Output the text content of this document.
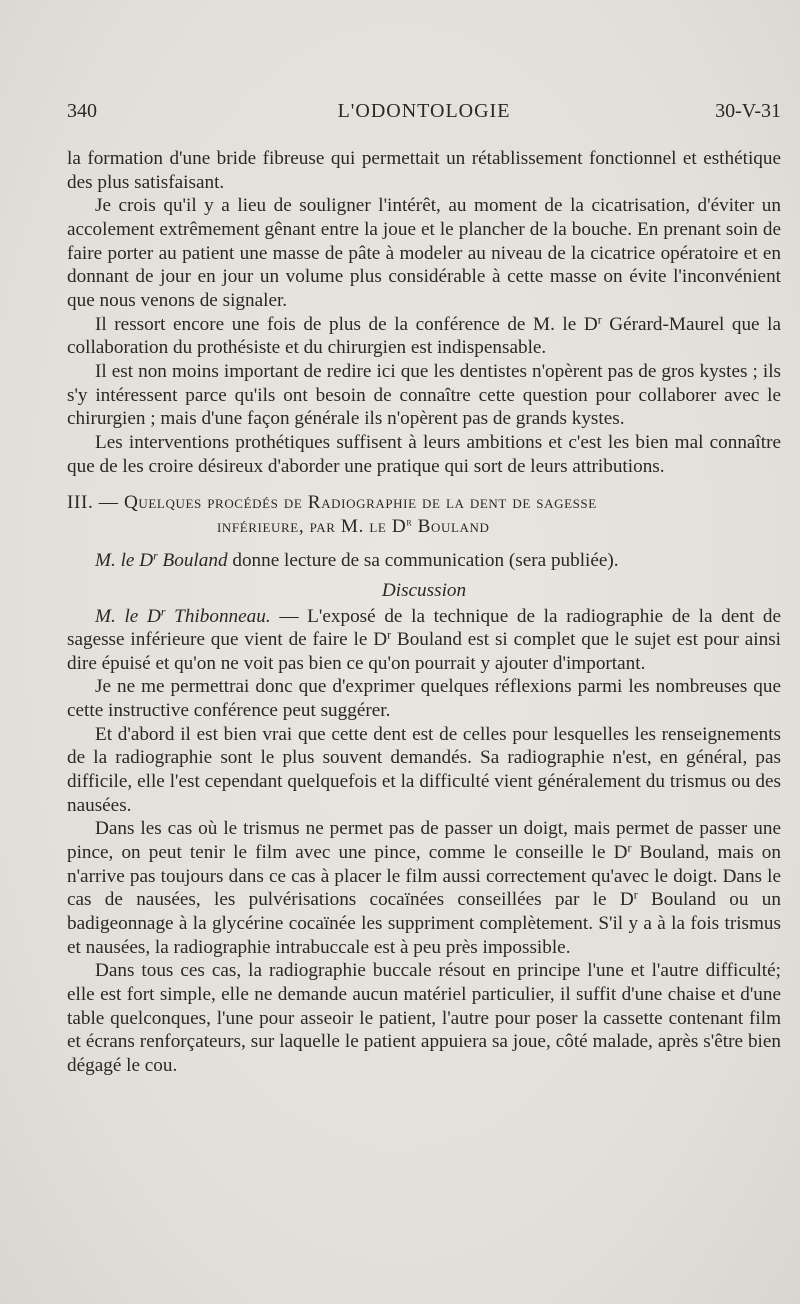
340	L'ODONTOLOGIE	30-V-31

la formation d'une bride fibreuse qui permettait un rétablissement fonctionnel et esthétique des plus satisfaisant.

Je crois qu'il y a lieu de souligner l'intérêt, au moment de la cicatrisation, d'éviter un accolement extrêmement gênant entre la joue et le plancher de la bouche. En prenant soin de faire porter au patient une masse de pâte à modeler au niveau de la cicatrice opératoire et en donnant de jour en jour un volume plus considérable à cette masse on évite l'inconvénient que nous venons de signaler.

Il ressort encore une fois de plus de la conférence de M. le $D^r$ Gérard-Maurel que la collaboration du prothésiste et du chirurgien est indispensable.

Il est non moins important de redire ici que les dentistes n'opèrent pas de gros kystes ; ils s'y intéressent parce qu'ils ont besoin de connaître cette question pour collaborer avec le chirurgien ; mais d'une façon générale ils n'opèrent pas de grands kystes.

Les interventions prothétiques suffisent à leurs ambitions et c'est les bien mal connaître que de les croire désireux d'aborder une pratique qui sort de leurs attributions.

III. — Quelques procédés de Radiographie de la dent de sagesse
inférieure, par M. le $D^r$ Bouland

M. le $D^r$ Bouland donne lecture de sa communication (sera publiée).

Discussion

M. le $D^r$ Thibonneau. — L'exposé de la technique de la radiographie de la dent de sagesse inférieure que vient de faire le $D^r$ Bouland est si complet que le sujet est pour ainsi dire épuisé et qu'on ne voit pas bien ce qu'on pourrait y ajouter d'important.

Je ne me permettrai donc que d'exprimer quelques réflexions parmi les nombreuses que cette instructive conférence peut suggérer.

Et d'abord il est bien vrai que cette dent est de celles pour lesquelles les renseignements de la radiographie sont le plus souvent demandés. Sa radiographie n'est, en général, pas difficile, elle l'est cependant quelquefois et la difficulté vient généralement du trismus ou des nausées.

Dans les cas où le trismus ne permet pas de passer un doigt, mais permet de passer une pince, on peut tenir le film avec une pince, comme le conseille le $D^r$ Bouland, mais on n'arrive pas toujours dans ce cas à placer le film aussi correctement qu'avec le doigt. Dans le cas de nausées, les pulvérisations cocaïnées conseillées par le $D^r$ Bouland ou un badigeonnage à la glycérine cocaïnée les suppriment complètement. S'il y a à la fois trismus et nausées, la radiographie intrabuccale est à peu près impossible.

Dans tous ces cas, la radiographie buccale résout en principe l'une et l'autre difficulté; elle est fort simple, elle ne demande aucun matériel particulier, il suffit d'une chaise et d'une table quelconques, l'une pour asseoir le patient, l'autre pour poser la cassette contenant film et écrans renforçateurs, sur laquelle le patient appuiera sa joue, côté malade, après s'être bien dégagé le cou.
